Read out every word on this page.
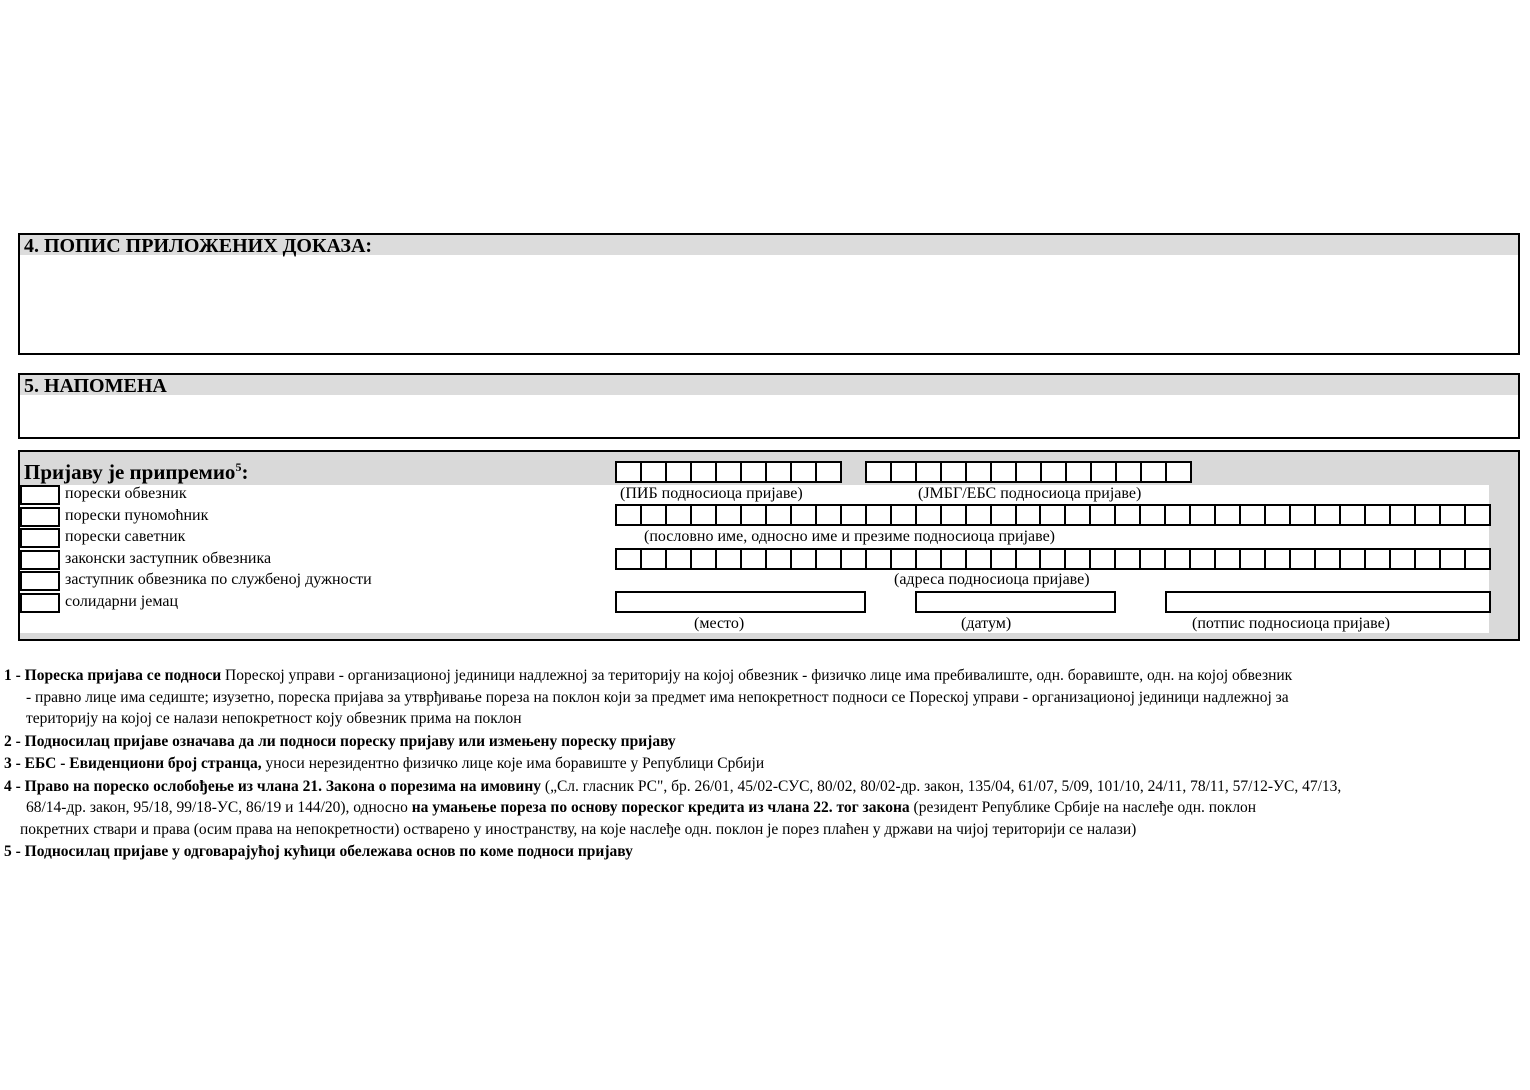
4. ПОПИС ПРИЛОЖЕНИХ ДОКАЗА:
5. НАПОМЕНА
Пријаву је припремио$^5$:
порески обвезник
порески пуномоћник
порески саветник
законски заступник обвезника
заступник обвезника по службеној дужности
солидарни јемац
(ПИБ подносиоца пријаве)	(ЈМБГ/ЕБС подносиоца пријаве)
(пословно име, односно име и презиме подносиоца пријаве)
(адреса подносиоца пријаве)
(место)	(датум)	(потпис подносиоца пријаве)
1 - Пореска пријава се подноси Пореској управи - организационој јединици надлежној за територију на којој обвезник - физичко лице има пребивалиште, одн. боравиште, одн. на којој обвезник
- правно лице има седиште; изузетно, пореска пријава за утврђивање пореза на поклон који за предмет има непокретност подноси се Пореској управи - организационој јединици надлежној за
територију на којој се налази непокретност коју обвезник прима на поклон
2 - Подносилац пријаве означава да ли подноси пореску пријаву или измењену пореску пријаву
3 - ЕБС - Евиденциони број странца, уноси нерезидентно физичко лице које има боравиште у Републици Србији
4 - Право на пореско ослобођење из члана 21. Закона о порезима на имовину („Сл. гласник РС", бр. 26/01, 45/02-СУС, 80/02, 80/02-др. закон, 135/04, 61/07, 5/09, 101/10, 24/11, 78/11, 57/12-УС, 47/13,
68/14-др. закон, 95/18, 99/18-УС, 86/19 и 144/20), односно на умањење пореза по основу пореског кредита из члана 22. тог закона (резидент Републике Србије на наслеђе одн. поклон
покретних ствари и права (осим права на непокретности) остварено у иностранству, на које наслеђе одн. поклон је порез плаћен у држави на чијој територији се налази)
5 - Подносилац пријаве у одговарајућој кућици обележава основ по коме подноси пријаву
